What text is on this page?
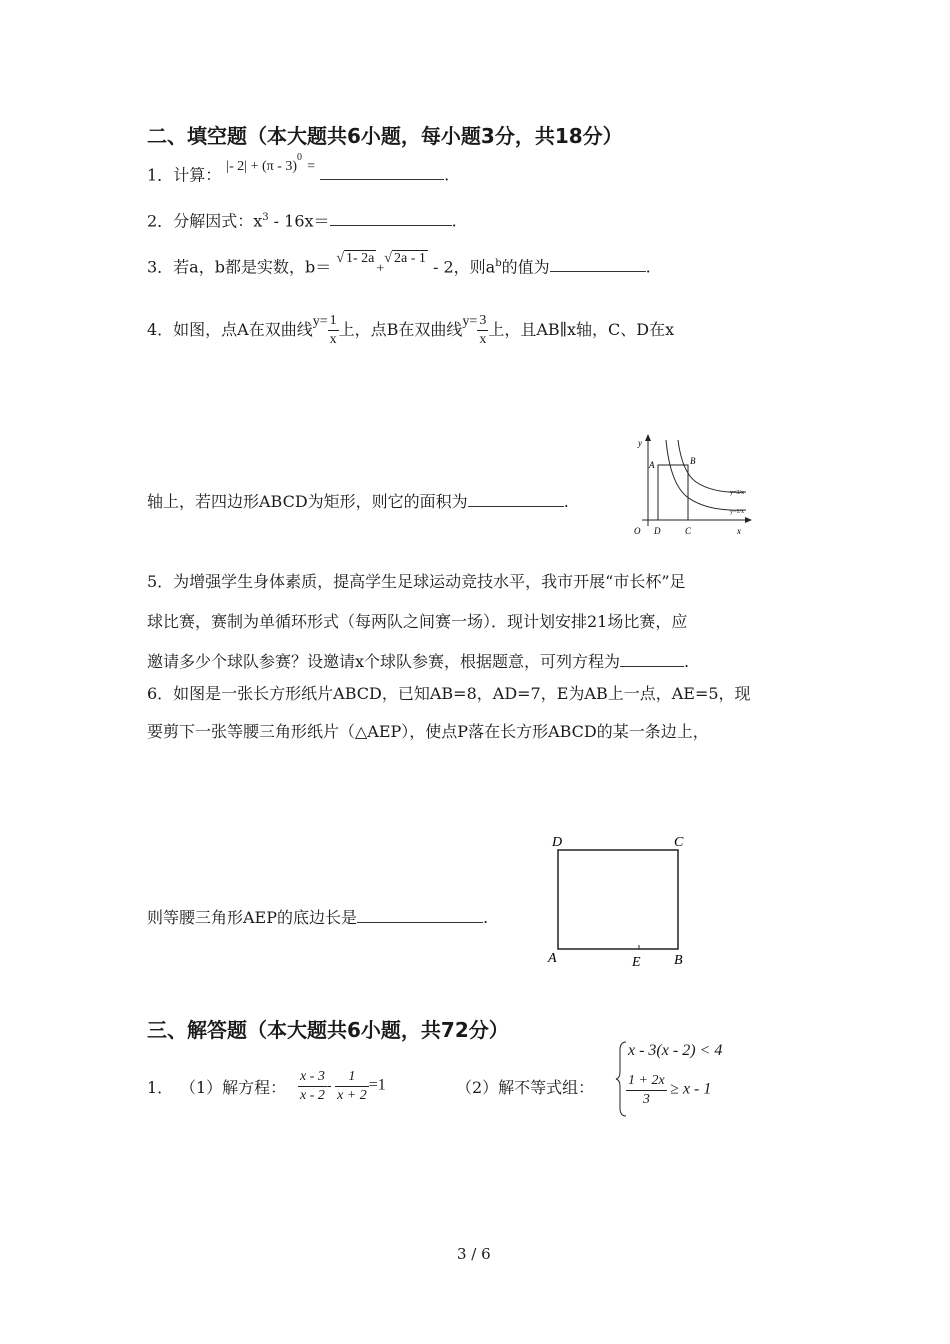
二、填空题（本大题共6小题，每小题3分，共18分）
1．计算： |- 2| + (π - 3)$^0$ =	.
2．分解因式：$x^3 - 16x=$	.
3．若a，b都是实数，b＝ √ 1- 2a+√ 2a - 1 - 2，则$a^b$的值为	.
4．如图，点A在双曲线$y= \frac{1}{x}$ 上，点B在双曲线$y= \frac{3}{x}$ 上，且AB∥x轴，C、D在x
轴上，若四边形ABCD为矩形，则它的面积为	.
y
x
O D	C
A	B
y=3/x
y=1/x
5．为增强学生身体素质，提高学生足球运动竞技水平，我市开展“市长杯”足
球比赛，赛制为单循环形式（每两队之间赛一场）．现计划安排21场比赛，应
邀请多少个球队参赛？设邀请x个球队参赛，根据题意，可列方程为	.
6．如图是一张长方形纸片ABCD，已知AB=8，AD=7，E为AB上一点，AE=5，现
要剪下一张等腰三角形纸片（△AEP），使点P落在长方形ABCD的某一条边上，
则等腰三角形AEP的底边长是	.
D	C
A	E B
三、解答题（本大题共6小题，共72分）
1． （1）解方程： $\frac{x - 3}{x - 2} - \frac{1}{x + 2} =1$	（2）解不等式组：
x - 3(x - 2) < 4
$\frac{1 + 2x}{3} \ge x - 1$
3 / 6
